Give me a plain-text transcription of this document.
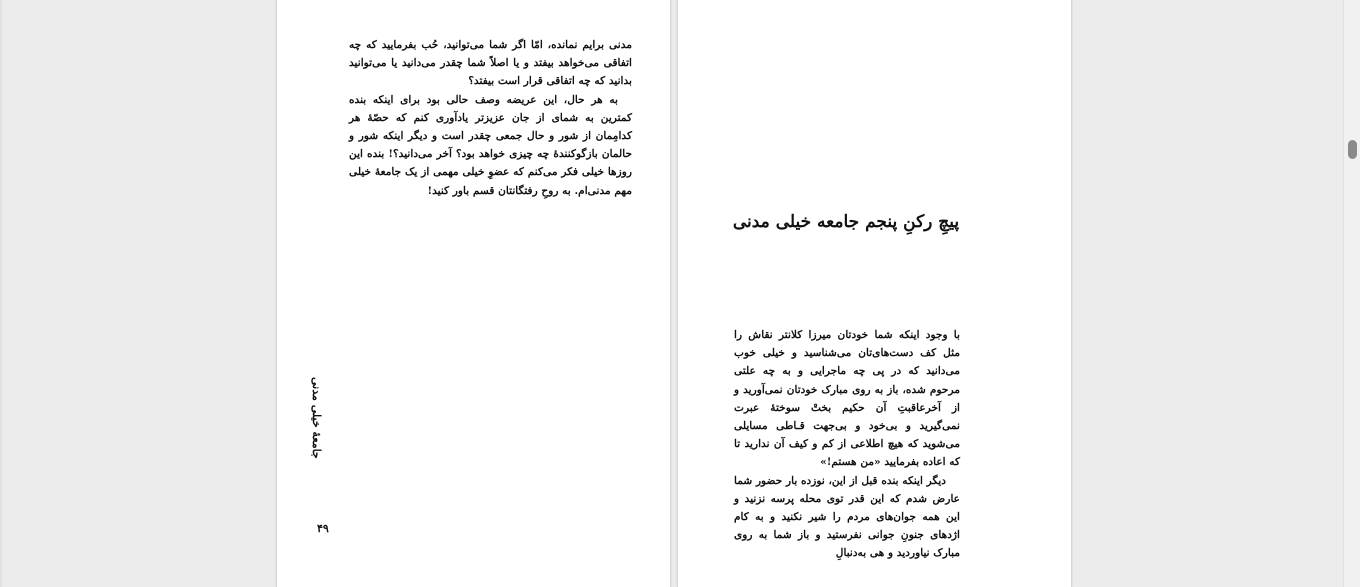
مدنی برایم نمانده، امّا اگر شما می‌توانید، حُب بفرمایید که چه اتفاقی می‌خواهد بیفتد و یا اصلاً شما چقدر می‌دانید یا می‌توانید بدانید که چه اتفاقی قرار است بیفتد؟

به هر حال، این عریضه وصف حالی بود برای اینکه بنده کمترین به شمای از جان عزیزتر یادآوری کنم که حصّهٔ هر کدامِمان از شور و حال جمعی چقدر است و دیگر اینکه شور و حالمان بازگوکنندهٔ چه چیزی خواهد بود؟ آخر می‌دانید؟! بنده این روزها خیلی فکر می‌کنم که عضوِ خیلی مهمی از یک جامعهٔ خیلی مهم مدنی‌ام. به روحِ رفتگانتان قسم باور کنید!

جامعهٔ خیلی مدنی
۴۹
پیچِ رکنِ پنجم جامعه خیلی مدنی

با وجود اینکه شما خودتان میرزا کلانتر نقاش را مثل کف دست‌های‌تان می‌شناسید و خیلی خوب می‌دانید که در پی چه ماجرایی و به چه علتی مرحوم شده، باز به روی مبارک خودتان نمی‌آورید و از آخرعاقبتِ آن حکیم بختْ سوختهٔ عبرت نمی‌گیرید و بی‌خود و بی‌جهت قـاطی مسایلی می‌شوید که هیچ اطلاعی از کم و کیف آن ندارید تا که اعاده بفرمایید «من هستم!»

دیگر اینکه بنده قبل از این، نوزده بار حضور شما عارض شدم که این قدر توی محله پرسه نزنید و این همه جوان‌های مردم را شیر نکنید و به کام اژدهای جنونِ جوانی نفرستید و باز شما به روی مبارک نیاوردید و هی به‌دنبالِ
